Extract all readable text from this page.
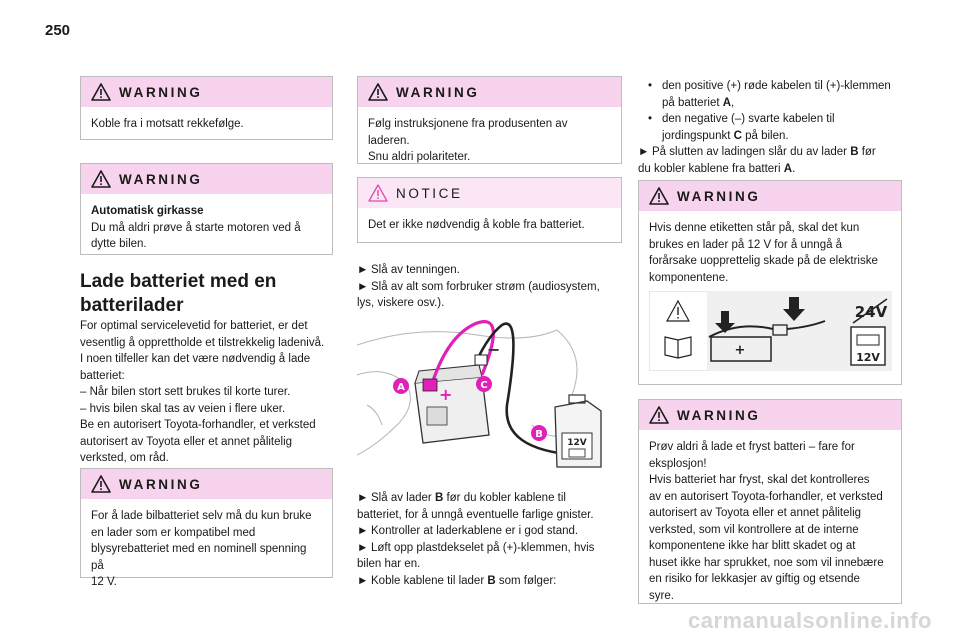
250
WARNING

Koble fra i motsatt rekkefølge.

WARNING

Automatisk girkasse

Du må aldri prøve å starte motoren ved å

dytte bilen.

Lade batteriet med en
batterilader

For optimal servicelevetid for batteriet, er det

vesentlig å opprettholde et tilstrekkelig ladenivå.

I noen tilfeller kan det være nødvendig å lade

batteriet:

– Når bilen stort sett brukes til korte turer.

– hvis bilen skal tas av veien i flere uker.

Be en autorisert Toyota-forhandler, et verksted

autorisert av Toyota eller et annet pålitelig

verksted, om råd.

WARNING

For å lade bilbatteriet selv må du kun bruke

en lader som er kompatibel med

blysyrebatteriet med en nominell spenning på

12 V.

WARNING

Følg instruksjonene fra produsenten av

laderen.

Snu aldri polariteter.

NOTICE

Det er ikke nødvendig å koble fra batteriet.

► Slå av tenningen.
► Slå av alt som forbruker strøm (audiosystem,

lys, viskere osv.).

+
−
A	C
B
12V
► Slå av lader B før du kobler kablene til

batteriet, for å unngå eventuelle farlige gnister.

► Kontroller at laderkablene er i god stand.
► Løft opp plastdekselet på (+)-klemmen, hvis

bilen har en.

► Koble kablene til lader B som følger:
• den positive (+) røde kabelen til (+)-klemmen

på batteriet A,

• den negative (–) svarte kabelen til

jordingspunkt C på bilen.

► På slutten av ladingen slår du av lader B før

du kobler kablene fra batteri A.

WARNING

Hvis denne etiketten står på, skal det kun

brukes en lader på 12 V for å unngå å

forårsake uopprettelig skade på de elektriske

komponentene.

+
24V
12V
WARNING

Prøv aldri å lade et fryst batteri – fare for

eksplosjon!

Hvis batteriet har fryst, skal det kontrolleres

av en autorisert Toyota-forhandler, et verksted

autorisert av Toyota eller et annet pålitelig

verksted, som vil kontrollere at de interne

komponentene ikke har blitt skadet og at

huset ikke har sprukket, noe som vil innebære

en risiko for lekkasjer av giftig og etsende

syre.

carmanualsonline.info
